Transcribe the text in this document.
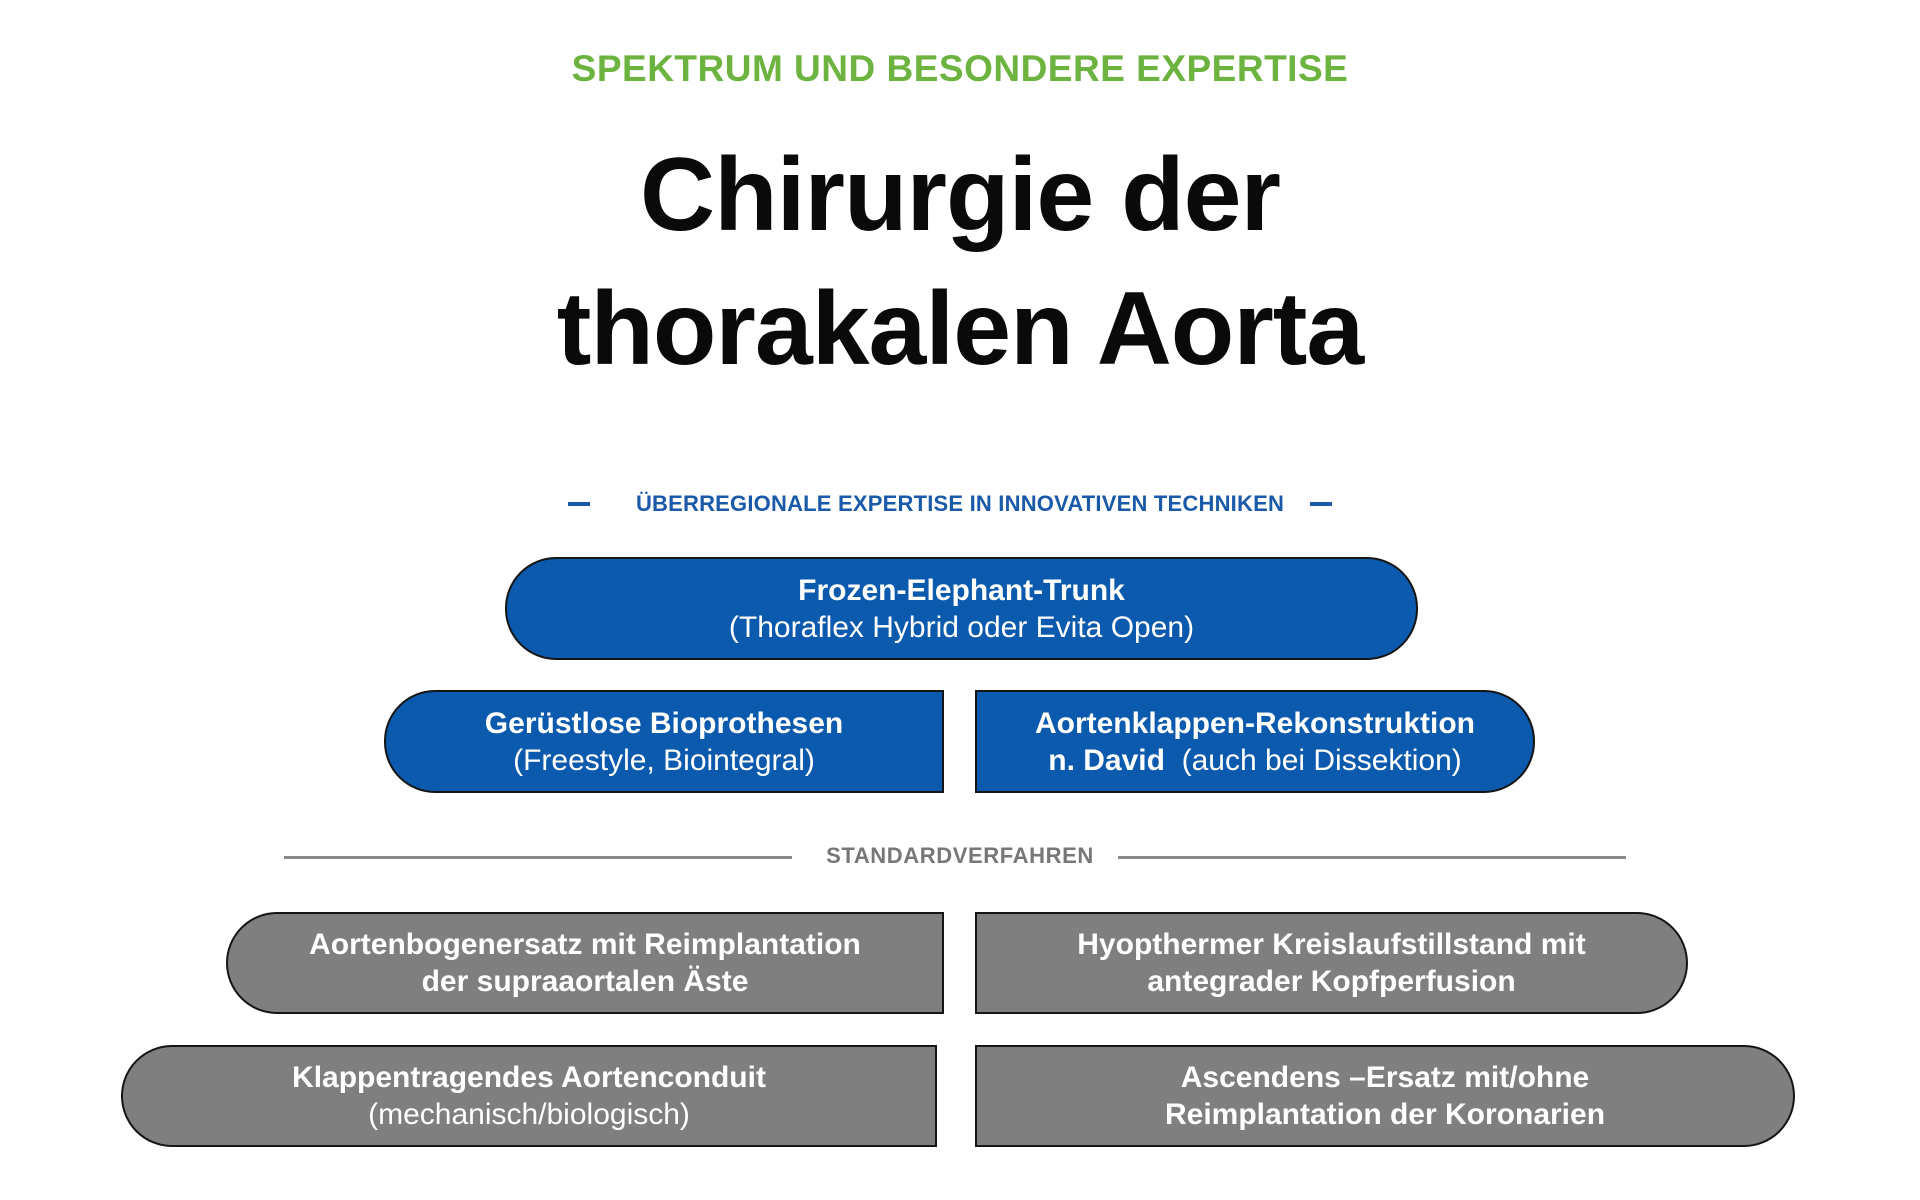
SPEKTRUM UND BESONDERE EXPERTISE
Chirurgie der
thorakalen Aorta
ÜBERREGIONALE EXPERTISE IN INNOVATIVEN TECHNIKEN
Frozen-Elephant-Trunk
(Thoraflex Hybrid oder Evita Open)
Gerüstlose Bioprothesen
(Freestyle, Biointegral)
Aortenklappen-Rekonstruktion
n. David (auch bei Dissektion)
STANDARDVERFAHREN
Aortenbogenersatz mit Reimplantation
der supraaortalen Äste
Hyopthermer Kreislaufstillstand mit
antegrader Kopfperfusion
Klappentragendes Aortenconduit
(mechanisch/biologisch)
Ascendens –Ersatz mit/ohne
Reimplantation der Koronarien
